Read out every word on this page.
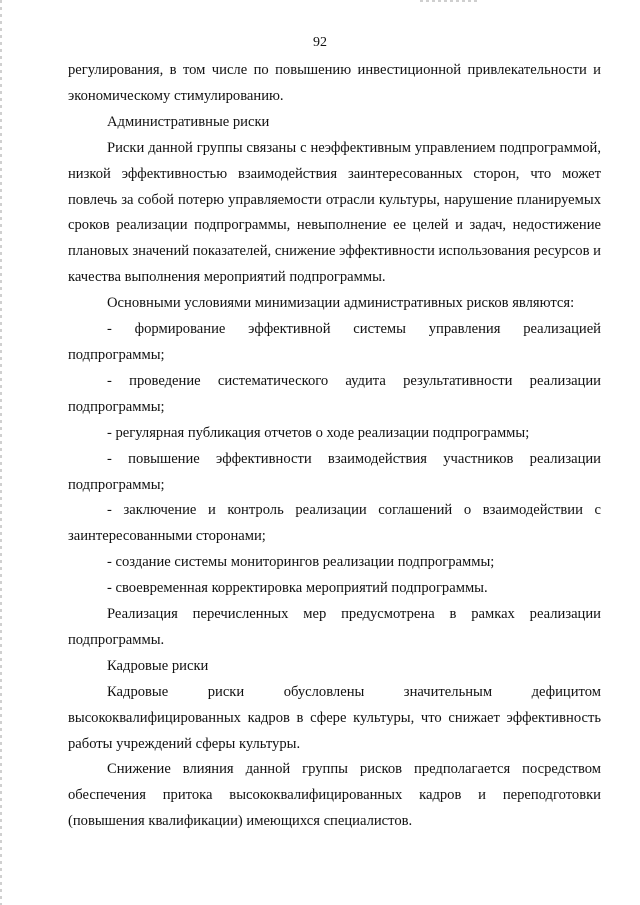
92

регулирования, в том числе по повышению инвестиционной привлекательности и экономическому стимулированию.

Административные риски

Риски данной группы связаны с неэффективным управлением подпрограммой, низкой эффективностью взаимодействия заинтересованных сторон, что может повлечь за собой потерю управляемости отрасли культуры, нарушение планируемых сроков реализации подпрограммы, невыполнение ее целей и задач, недостижение плановых значений показателей, снижение эффективности использования ресурсов и качества выполнения мероприятий подпрограммы.

Основными условиями минимизации административных рисков являются:

- формирование эффективной системы управления реализацией подпрограммы;

- проведение систематического аудита результативности реализации подпрограммы;

- регулярная публикация отчетов о ходе реализации подпрограммы;

- повышение эффективности взаимодействия участников реализации подпрограммы;

- заключение и контроль реализации соглашений о взаимодействии с заинтересованными сторонами;

- создание системы мониторингов реализации подпрограммы;

- своевременная корректировка мероприятий подпрограммы.

Реализация перечисленных мер предусмотрена в рамках реализации подпрограммы.

Кадровые риски

Кадровые риски обусловлены значительным дефицитом высококвалифицированных кадров в сфере культуры, что снижает эффективность работы учреждений сферы культуры.

Снижение влияния данной группы рисков предполагается посредством обеспечения притока высококвалифицированных кадров и переподготовки (повышения квалификации) имеющихся специалистов.
